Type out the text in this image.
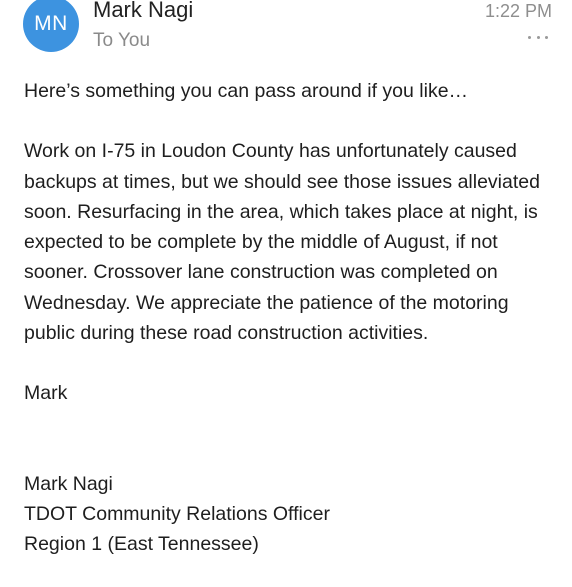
MN
Mark Nagi
To You
1:22 PM

Here’s something you can pass around if you like…

Work on I-75 in Loudon County has unfortunately caused backups at times, but we should see those issues alleviated soon. Resurfacing in the area, which takes place at night, is expected to be complete by the middle of August, if not sooner. Crossover lane construction was completed on Wednesday. We appreciate the patience of the motoring public during these road construction activities.

Mark

Mark Nagi

TDOT Community Relations Officer

Region 1 (East Tennessee)
